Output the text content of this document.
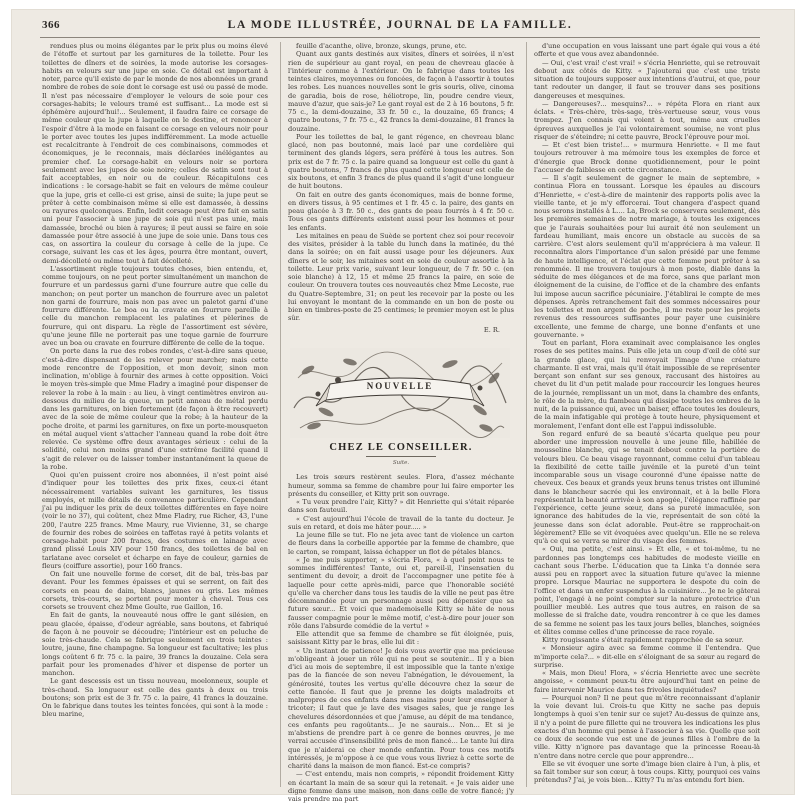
366	LA MODE ILLUSTRÉE, JOURNAL DE LA FAMILLE.

rendues plus ou moins élégantes par le prix plus ou moins élevé de l'étoffe et surtout par les garnitures de la toilette. Pour les toilettes de dîners et de soirées, la mode autorise les corsages-habits en velours sur une jupe en soie. Ce détail est important à noter, parce qu'il existe de par le monde de nos abonnées un grand nombre de robes de soie dont le corsage est usé ou passé de mode. Il n'est pas nécessaire d'employer le velours de soie pour ces corsages-habits; le velours tramé est suffisant... La mode est si éphémère aujourd'hui!... Seulement, il faudra faire ce corsage de même couleur que la jupe à laquelle on le destine, et renoncer à l'espoir d'être à la mode en faisant ce corsage en velours noir pour le porter avec toutes les jupes indifféremment. La mode actuelle est recalcitrante à l'endroit de ces combinaisons, commodes et économiques, je le reconnais, mais déclarées inélégantes au premier chef. Le corsage-habit en velours noir se portera seulement avec les jupes de soie noire; celles de satin sont tout à fait acceptables, en noir ou de couleur. Récapitulons ces indications : le corsage-habit se fait en velours de même couleur que la jupe, gris et celle-ci est grise, ainsi de suite; la jupe peut se prêter à cette combinaison même si elle est damassée, à dessins ou rayures quelconques. Enfin, ledit corsage peut être fait en satin uni pour l'associer à une jupe de soie qui n'est pas unie, mais damassée, broché ou bien à rayures; il peut aussi se faire en soie damassée pour être associé à une jupe de soie unie. Dans tous ces cas, on assortira la couleur du corsage à celle de la jupe. Ce corsage, suivant les cas et les âges, pourra être montant, ouvert, demi-décolleté ou même tout à fait décolleté.

L'assortiment règle toujours toutes choses, bien entendu, et, comme toujours, on ne peut porter simultanément un manchon de fourrure et un pardessus garni d'une fourrure autre que celle du manchon; on peut porter un manchon de fourrure avec un paletot non garni de fourrure, mais non pas avec un paletot garni d'une fourrure différente. Le boa ou la cravate en fourrure pareille à celle du manchon remplacent les palatines et pèlerines de fourrure, qui ont disparu. La règle de l'assortiment est sévère, qu'une jeune fille ne porterait pas une toque garnie de fourrure avec un boa ou cravate en fourrure différente de celle de la toque.

On porte dans la rue des robes rondes, c'est-à-dire sans queue, c'est-à-dire dispensant de les relever pour marcher; mais cette mode rencontre de l'opposition, et mon devoir, sinon mon inclination, m'oblige à fournir des armes à cette opposition. Voici le moyen très-simple que Mme Fladry a imaginé pour dispenser de relever la robe à la main : au lieu, à vingt centimètres environ au-dessous du milieu de la queue, un petit anneau de métal perdu dans les garnitures, on bien fortement (de façon à être recouvert) avec de la soie de même couleur que la robe; à la hauteur de la poche droite, et parmi les garnitures, on fixe un porte-mousqueton en métal auquel vient s'attacher l'anneau quand la robe doit être relevée. Ce système offre deux avantages sérieux : celui de la solidité, celui non moins grand d'une extrême facilité quand il s'agit de relever ou de laisser tomber instantanément la queue de la robe.

Quoi qu'en puissent croire nos abonnées, il n'est point aisé d'indiquer pour les toilettes des prix fixes, ceux-ci étant nécessairement variables suivant les garnitures, les tissus employés, et mille détails de convenance particulière. Cependant j'ai pu indiquer les prix de deux toilettes différentes en faye noire (voir le no 37), qui coûtent, chez Mme Fladry, rue Richer, 43, l'une 200, l'autre 225 francs. Mme Maury, rue Vivienne, 31, se charge de fournir des robes de soirées en taffetas rayé à petits volants et corsage-habit pour 200 francs, des costumes en lainage avec grand plissé Louis XIV pour 150 francs, des toilettes de bal en tarlatane avec corselet et écharpe en faye de couleur, garnies de fleurs (coiffure assortie), pour 160 francs.

On fait une nouvelle forme de corset, dit de bal, très-bas par devant. Pour les femmes épaisses et qui se serrent, on fait des corsets en peau de daim, blancs, jaunes ou gris. Les mêmes corsets, très-courts, se portent pour monter à cheval. Tous ces corsets se trouvent chez Mme Goulte, rue Gaillon, 16.

En fait de gants, la nouveauté nous offre le gant silésien, en peau glacée, épaisse, d'odeur agréable, sans boutons, et fabriqué de façon à ne pouvoir se découdre; l'intérieur est en peluche de soie très-chaude. Cela se fabrique seulement en trois teintes : loutre, jaune, fine champagne. Sa longueur est facultative; les plus longs coûtent 6 fr. 75 c. la paire, 39 francs la douzaine. Cela sera parfait pour les promenades d'hiver et dispense de porter un manchon.

Le gant descessis est un tissu nouveau, moelonneux, souple et très-chaud. Sa longueur est celle des gants à deux ou trois boutons; son prix est de 3 fr. 75 c. la paire, 41 francs la douzaine. On le fabrique dans toutes les teintes foncées, qui sont à la mode : bleu marine,

feuille d'acanthe, olive, bronze, skungs, prune, etc.

Quant aux gants destinés aux visites, dîners et soirées, il n'est rien de supérieur au gant royal, en peau de chevreau glacée à l'intérieur comme à l'extérieur. On le fabrique dans toutes les teintes claires, moyennes ou foncées, de façon à l'assortir à toutes les robes. Les nuances nouvelles sont le gris souris, olive, cinoma de garadia, bois de rose, héliotrope, lin, poudre cendre vieux, mauve d'azur, que sais-je? Le gant royal est de 2 à 16 boutons, 5 fr. 75 c., la demi-douzaine, 33 fr. 50 c., la douzaine, 65 francs; 4 quatre boutons, 7 fr. 75 c., 42 francs la demi-douzaine, 81 francs la douzaine.

Pour les toilettes de bal, le gant régence, en chevreau blanc glacé, non pas boutonné, mais lacé par une cordelière qui terminent des glands légers, sera préféré à tous les autres. Son prix est de 7 fr. 75 c. la paire quand sa longueur est celle du gant à quatre boutons, 7 francs de plus quand cette longueur est celle de six boutons, et enfin 3 francs de plus quand il s'agit d'une longueur de huit boutons.

On fait en outre des gants économiques, mais de bonne forme, en divers tissus, à 95 centimes et 1 fr. 45 c. la paire, des gants en peau glacée à 3 fr. 50 c., des gants de peau fourrés à 4 fr. 50 c. Tous ces gants différents existent aussi pour les hommes et pour les enfants.

Les mitaines en peau de Suède se portent chez soi pour recevoir des visites, présider à la table du lunch dans la matinée, du thé dans la soirée; on en fait aussi usage pour les déjeuners. Aux dîners et le soir, les mitaines sont en soie de couleur assortie à la toilette. Leur prix varie, suivant leur longueur, de 7 fr. 50 c. (en soie blanche) à 12, 15 et même 25 francs la paire, en soie de couleur. On trouvera toutes ces nouveautés chez Mme Lecoste, rue du Quatre-Septembre, 31; on peut les recevoir par la poste ou les lui envoyant le montant de la commande en un bon de poste ou bien en timbres-poste de 25 centimes; le premier moyen est le plus sûr.

E. R.
NOUVELLE
CHEZ LE CONSEILLER.
Suite.

Les trois sœurs restèrent seules. Flora, d'assez méchante humeur, somma sa femme de chambre pour lui faire emporter les présents du conseiller, et Kitty prit son ouvrage.

« Tu veux prendre l'air, Kitty? » dit Henriette qui s'était réparée dans son fauteuil.

« C'est aujourd'hui l'école de travail de la tante du docteur. Je suis en retard, et dois me hâter pour..... »

La jeune fille se tut. Flo ne jeta avec tant de violence un carton de fleurs dans la corbeille apportée par la femme de chambre, que le carton, se rompant, laissa échapper un flot de pétales blancs.

« Je me puis supporter, » s'écria Flora, « à quel point nous te sommes indifférentes! Tante, oui et, pareil-il, l'insensatien du sentiment du devoir, a droit de l'accompagner une petite fée à laquelle pour cette après-midi, parce que l'honorable société qu'elle va chercher dans tous les taudis de la ville ne peut pas être décommandée pour un personnage aussi peu dépensier que sa future sœur... Et voici que mademoiselle Kitty se hâte de nous fausser compagnie pour le même motif, c'est-à-dire pour jouer son rôle dans l'absurde comédie de la vertu! »

Elle attendit que sa femme de chambre se fût éloignée, puis, saisissant Kitty par le bras, elle lui dit :

« Un instant de patience! Je dois vous avertir que ma précieuse m'obligeant à jouer un rôle qui ne peut se soutenir... Il y a bien d'ici au mois de septembre, il est impossible que la tante n'exige pas de la fiancée de son neveu l'abnégation, le dévouement, la générosité, toutes les vertus qu'elle découvre chez la sœur de cette fiancée. Il faut que je prenne les doigts maladroits et malpropres de ces enfants dans mes mains pour leur enseigner à tricoter; il faut que je lave des visages sales, que je range les chevelures désordonnées et que j'amuse, au dépit de ma tendance, ces enfants peu ragoûtants... Je ne saurais... Non... Et si je m'abstiens de prendre part à ce genre de bonnes œuvres, je me verrai accusée d'insensibilité près de mon fiancé... Le tante lui dira que je n'aiderai ce cher monde enfantin. Pour tous ces motifs intéressés, je m'oppose à ce que vous vous livriez à cette sorte de charité dans la maison de mon fiancé. Est-ce compris?

— C'est entendu, mais non compris, » répondit froidement Kitty en écartant la main de sa sœur qui la retenait. « Je vais aider une digne femme dans une maison, non dans celle de votre fiancé; j'y vais prendre ma part

d'une occupation en vous laissant une part égale qui vous a été offerte et que vous avez abandonnée.

— Oui, c'est vrai! c'est vrai! » s'écria Henriette, qui se retrouvait debout aux côtés de Kitty. « J'ajouterai que c'est une triste situation de toujours supposer aux intentions d'autrui, et que, pour tant redouter un danger, il faut se trouver dans ses positions dangereuses et mesquines.

— Dangereuses?... mesquins?... » répéta Flora en riant aux éclats. « Très-chère, très-sage, très-vertueuse sœur, vous vous trompez. J'en connais qui voient à tout, même aux cruelles épreuves auxquelles je l'ai volontairement soumise, ne vont plus risquer de s'éteindre; ni cette pauvre, Brock l'éprouve pour moi.

— Et c'est bien triste!... » murmura Henriette. « Il me faut toujours retrouver à ma mémoire tous les exemples de force et d'énergie que Brock donne quotidiennement, pour le point l'accuser de faiblesse en cette circonstance.

— Il s'agit seulement de gagner le main de septembre, » continua Flora en toussant. Lorsque les épaules au discours d'Henriette, « c'est-à-dire de maintenir des rapports polis avec la vieille tante, et je m'y efforcerai. Tout changera d'aspect quand nous serons installés à L.... La, Brock se conservera seulement, dès les premières semaines de notre mariage, à toutes les exigences que je l'aurais souhaitées pour lui aurait été non seulement un fardeau humiliant, mais encore un obstacle au succès de sa carrière. C'est alors seulement qu'il m'appréciera à ma valeur. Il reconnaîtra alors l'importance d'un salon présidé par une femme de haute intelligence, et l'éclat que cette femme peut prêter à sa renommée. Il me trouvera toujours à mon poste, diable dans la séduite de mes élégances et de ma force, sans que parlant mon éloignement de la cuisine, de l'office et de la chambre des enfants lui impose aucun sacrifice pécuniaire. J'établirai le compte de mes dépenses. Après retranchement fait des sommes nécessaires pour les toilettes et mon argent de poche, il me reste pour les projets revenus des ressources suffisantes pour payer une cuisinière excellente, une femme de charge, une bonne d'enfants et une gouvernante. »

Tout en parlant, Flora examinait avec complaisance les ongles roses de ses petites mains. Puis elle jeta un coup d'œil de côté sur la grande glace, qui lui renvoyait l'image d'une créature charmante. Il est vrai, mais qu'il était impossible de se représenter berçant son enfant sur ses genoux, raccusant des histoires au chevet du lit d'un petit malade pour raccourcir les longues heures de la journée, remplissant un un mot, dans la chambre des enfants, le rôle de la mère, du flambeau qui dissipe toutes les ombres de la nuit, de la puissance qui, avec un baiser, efface toutes les douleurs, de la main infatigable qui protège à toute heure, physiquement et moralement, l'enfant dont elle est l'appui indissoluble.

Son regard enfuré de sa beauté s'écarta quelque peu pour aborder une impression nouvelle à une jeune fille, habillée de mousseline blanche, qui se tenait debout contre la portière de velours bleu. Ce beau visage rayonnant, comme celui d'un tableau la flexibilité de cette taille juvénile et la pureté d'un teint incomparable sous un visage couronné d'une épaisse natte de cheveux. Ces beaux et grands yeux bruns tenus tristes ont illuminé dans le blancheur sacrée qui les environnait, et à la belle Flora représentait la beauté arrivée à son apogée, l'élégance raffinée par l'expérience, cette jeune sœur, dans sa pureté immaculée, son ignorance des habitudes de la vie, représentait de son côté la jeunesse dans son éclat adorable. Peut-être se rapprochait-on légèrement? Elle se vit évoquées avec quelqu'un. Elle ne se releva qu'à ce qui se verra se mirer du visage des femmes.

« Oui, ma petite, c'est ainsi. » Et elle, « et toi-même, tu ne pardonnes pas longtemps ces habitudes de modeste vieille en cachant sous l'herbe. L'éducation que ta Linka t'a donnée sera aussi peu en rapport avec la situation future qu'avec la mienne propre. Lorsque Mauriac ne supportera le despote du coin de l'office et dans un enfer suspendus à la cuisinière... Je ne le gâterai point, l'engagé à ne point compter sur la nature protectrice d'un pouillier meublé. Les autres que tous autres, en raison de sa mollesse de si fraîche date, voudra rencontrer à ce que les dames de sa femme ne soient pas les taux jours belles, blanches, soignées et élites comme celles d'une princesse de race royale.

Kitty rougissante s'était rapidement rapprochée de sa sœur.

« Monsieur agira avec sa femme comme il l'entendra. Que m'importe cela?... » dit-elle en s'éloignant de sa sœur au regard de surprise.

« Mais, mon Dieu! Flora, » s'écria Henriette avec une secrète angoisse, « comment peux-tu être aujourd'hui tant en peine de faire intervenir Maurice dans tes frivoles inquiétudes?

— Pourquoi non? Il ne peut que m'être reconnaissant d'aplanir la voie devant lui. Crois-tu que Kitty ne sache pas depuis longtemps à quoi s'en tenir sur ce sujet? Au-dessus de quinze ans, il n'y a point de pure fillette qui ne trouvera les indications les plus exactes d'un homme qui pense à l'associer à sa vie. Quelle que soit ce doux de seconde vue est une de jeunes filles à l'ombre de la ville. Kitty n'ignore pas davantage que la princesse Roeau-là n'entre dans notre cercle que pour apprendre...

Elle se vit évoquer une sorte d'image bien claire à l'un, à plis, et sa fait tomber sur son cœur, à tous coups. Kitty, pourquoi ces vains prétendus? J'ai, je vois bien... Kitty? Tu m'as entendu fort bien.
